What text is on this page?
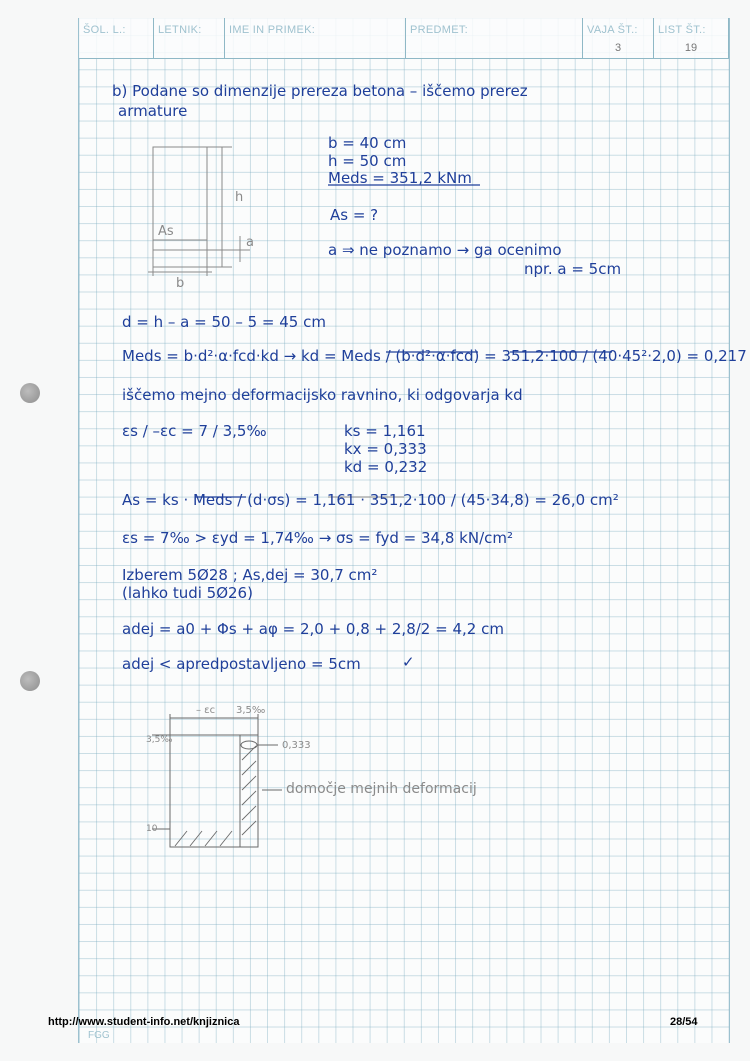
ŠOL. L.:	LETNIK: IME IN PRIMEK:	PREDMET:	VAJA ŠT.:
3
LIST ŠT.:
19
b) Podane so dimenzije prereza betona – iščemo prerez
armature
b = 40 cm
h = 50 cm
Meds = 351,2 kNm
As = ?
a ⇒ ne poznamo → ga ocenimo
npr. a = 5cm
h
As
a
b
d = h – a = 50 – 5 = 45 cm
Meds = b·d²·α·fcd·kd → kd = Meds / (b·d²·α·fcd) = 351,2·100 / (40·45²·2,0) = 0,217
iščemo mejno deformacijsko ravnino, ki odgovarja kd
εs / –εc = 7 / 3,5‰	ks = 1,161
kx = 0,333
kd = 0,232
As = ks · Meds / (d·σs) = 1,161 · 351,2·100 / (45·34,8) = 26,0 cm²
εs = 7‰ > εyd = 1,74‰ → σs = fyd = 34,8 kN/cm²
Izberem 5Ø28 ; As,dej = 30,7 cm²
(lahko tudi 5Ø26)
adej = a0 + Φs + aφ = 2,0 + 0,8 + 2,8/2 = 4,2 cm
adej < apredpostavljeno = 5cm	✓
– εc 3,5‰
3,5‰
10
0,333
domočje mejnih deformacij
http://www.student-info.net/knjiznica	28/54
FGG
